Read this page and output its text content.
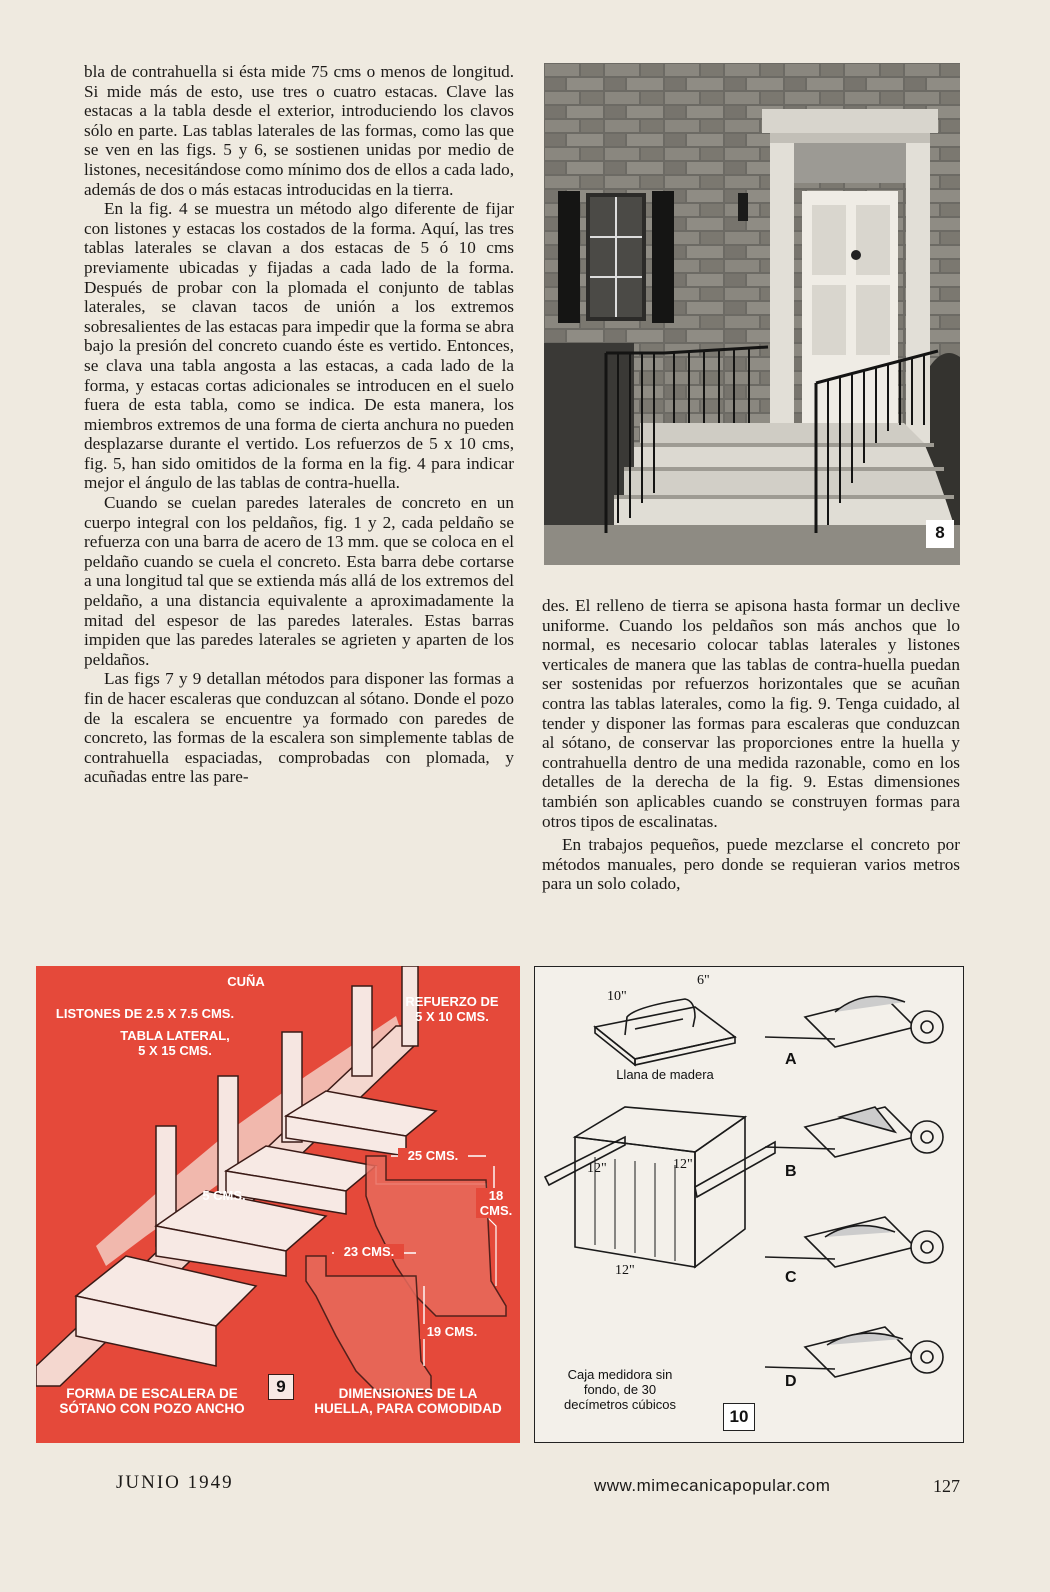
bla de contrahuella si ésta mide 75 cms o menos de longitud. Si mide más de esto, use tres o cuatro estacas. Clave las estacas a la tabla desde el exterior, introduciendo los clavos sólo en parte. Las tablas laterales de las formas, como las que se ven en las figs. 5 y 6, se sostienen unidas por medio de listones, necesitándose como mínimo dos de ellos a cada lado, además de dos o más estacas introducidas en la tierra.

En la fig. 4 se muestra un método algo diferente de fijar con listones y estacas los costados de la forma. Aquí, las tres tablas laterales se clavan a dos estacas de 5 ó 10 cms previamente ubicadas y fijadas a cada lado de la forma. Después de probar con la plomada el conjunto de tablas laterales, se clavan tacos de unión a los extremos sobresalientes de las estacas para impedir que la forma se abra bajo la presión del concreto cuando éste es vertido. Entonces, se clava una tabla angosta a las estacas, a cada lado de la forma, y estacas cortas adicionales se introducen en el suelo fuera de esta tabla, como se indica. De esta manera, los miembros extremos de una forma de cierta anchura no pueden desplazarse durante el vertido. Los refuerzos de 5 x 10 cms, fig. 5, han sido omitidos de la forma en la fig. 4 para indicar mejor el ángulo de las tablas de contra-huella.

Cuando se cuelan paredes laterales de concreto en un cuerpo integral con los peldaños, fig. 1 y 2, cada peldaño se refuerza con una barra de acero de 13 mm. que se coloca en el peldaño cuando se cuela el concreto. Esta barra debe cortarse a una longitud tal que se extienda más allá de los extremos del peldaño, a una distancia equivalente a aproximadamente la mitad del espesor de las paredes laterales. Estas barras impiden que las paredes laterales se agrieten y aparten de los peldaños.

Las figs 7 y 9 detallan métodos para disponer las formas a fin de hacer escaleras que conduzcan al sótano. Donde el pozo de la escalera se encuentre ya formado con paredes de concreto, las formas de la escalera son simplemente tablas de contrahuella espaciadas, comprobadas con plomada, y acuñadas entre las pare-

8

des. El relleno de tierra se apisona hasta formar un declive uniforme. Cuando los peldaños son más anchos que lo normal, es necesario colocar tablas laterales y listones verticales de manera que las tablas de contra-huella puedan ser sostenidas por refuerzos horizontales que se acuñan contra las tablas laterales, como la fig. 9. Tenga cuidado, al tender y disponer las formas para escaleras que conduzcan al sótano, de conservar las proporciones entre la huella y contrahuella dentro de una medida razonable, como en los detalles de la derecha de la fig. 9. Estas dimensiones también son aplicables cuando se construyen formas para otros tipos de escalinatas.

En trabajos pequeños, puede mezclarse el concreto por métodos manuales, pero donde se requieran varios metros para un solo colado,

CUÑA
LISTONES DE 2.5 X 7.5 CMS.
REFUERZO DE
5 X 10 CMS.
TABLA LATERAL,
5 X 15 CMS.
25 CMS.
18
CMS.
5 CMS.
23 CMS.
19 CMS.
9
FORMA DE ESCALERA DE
SÓTANO CON POZO ANCHO
DIMENSIONES DE LA
HUELLA, PARA COMODIDAD
6"
10"
Llana de madera
12"	12"
12"
Caja medidora sin
fondo, de 30
decímetros cúbicos
10
A
B
C
D
JUNIO 1949	www.mimecanicapopular.com	127
